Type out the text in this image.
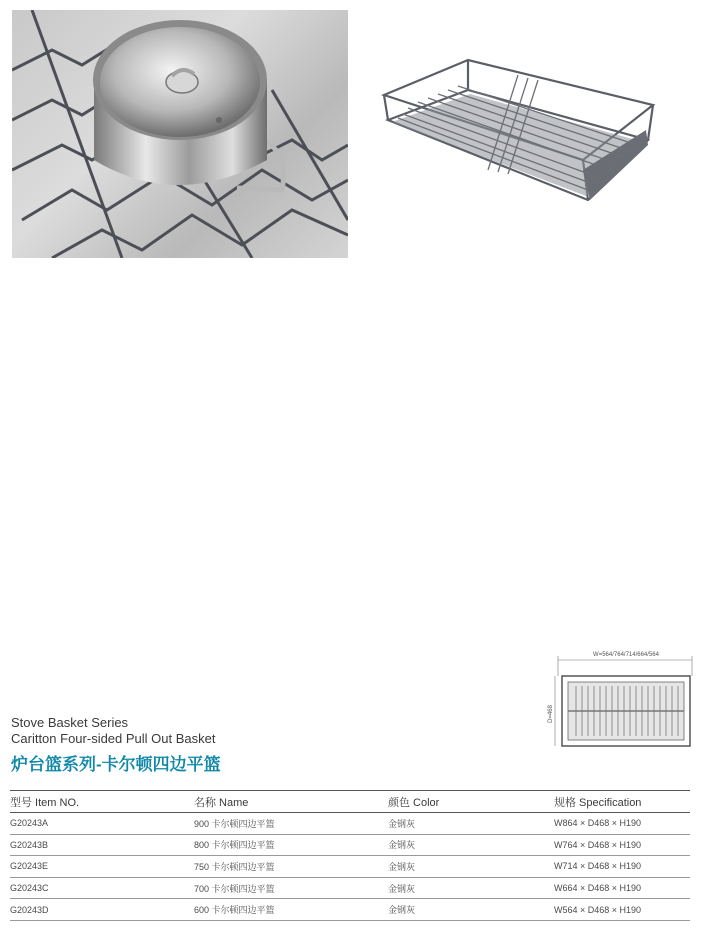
W=564/764/714/664/564
D=468
Stove Basket Series
Caritton Four-sided Pull Out Basket
炉台篮系列-卡尔顿四边平篮
型号 Item NO.	名称 Name	颜色 Color	规格 Specification
G20243A	900 卡尔顿四边平篮	金钢灰	W864 × D468 × H190
G20243B	800 卡尔顿四边平篮	金钢灰	W764 × D468 × H190
G20243E	750 卡尔顿四边平篮	金钢灰	W714 × D468 × H190
G20243C	700 卡尔顿四边平篮	金钢灰	W664 × D468 × H190
G20243D	600 卡尔顿四边平篮	金钢灰	W564 × D468 × H190
